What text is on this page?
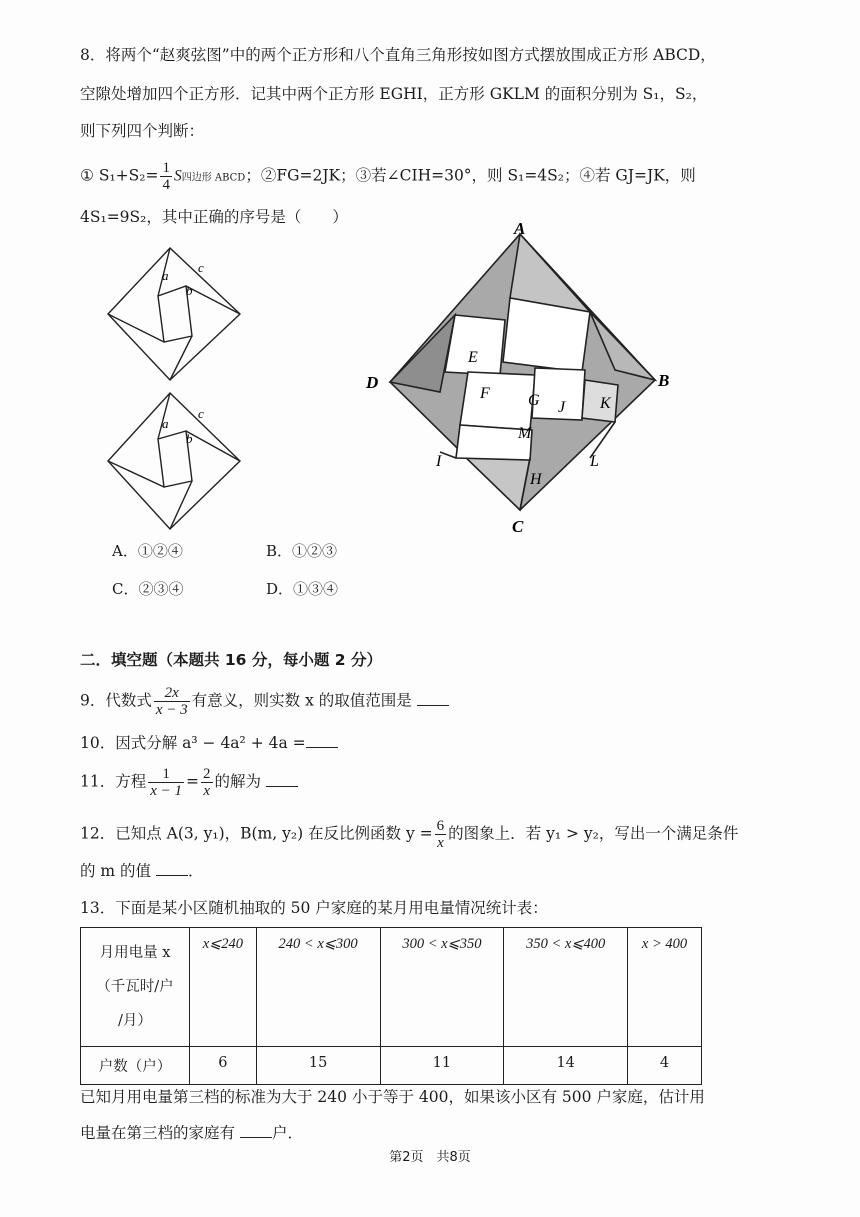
8．将两个“赵爽弦图”中的两个正方形和八个直角三角形按如图方式摆放围成正方形 ABCD，
空隙处增加四个正方形．记其中两个正方形 EGHI，正方形 GKLM 的面积分别为 S₁，S₂，
则下列四个判断：
① $S_1+S_2= \frac{1}{4}$ S四边形 ABCD；②FG=2JK；③若∠CIH=30°，则 S₁=4S₂；④若 GJ=JK，则
4S₁=9S₂，其中正确的序号是（　　）
a
b
c
a
b
c
A
B
C
D
E
F G J K
M
I	L
H
A．①②④	B．①②③
C．②③④	D．①③④
二．填空题（本题共 16 分，每小题 2 分）
9．代数式 $\frac{2x}{x - 3}$ 有意义，则实数 x 的取值范围是
10．因式分解 a³ − 4a² + 4a =
11．方程 $\frac{1}{x - 1} = \frac{2}{x}$ 的解为
12．已知点 A(3, y₁)，B(m, y₂) 在反比例函数 $y = \frac{6}{x}$ 的图象上．若 y₁ > y₂，写出一个满足条件
的 m 的值 ．
13．下面是某小区随机抽取的 50 户家庭的某月用电量情况统计表：
月用电量 x
（千瓦时/户
/月）	x⩽240	240 < x⩽300	300 < x⩽350	350 < x⩽400	x > 400
户数（户）	6	15	11	14	4
已知月用电量第三档的标准为大于 240 小于等于 400，如果该小区有 500 户家庭，估计用
电量在第三档的家庭有 户．
第2页　共8页
